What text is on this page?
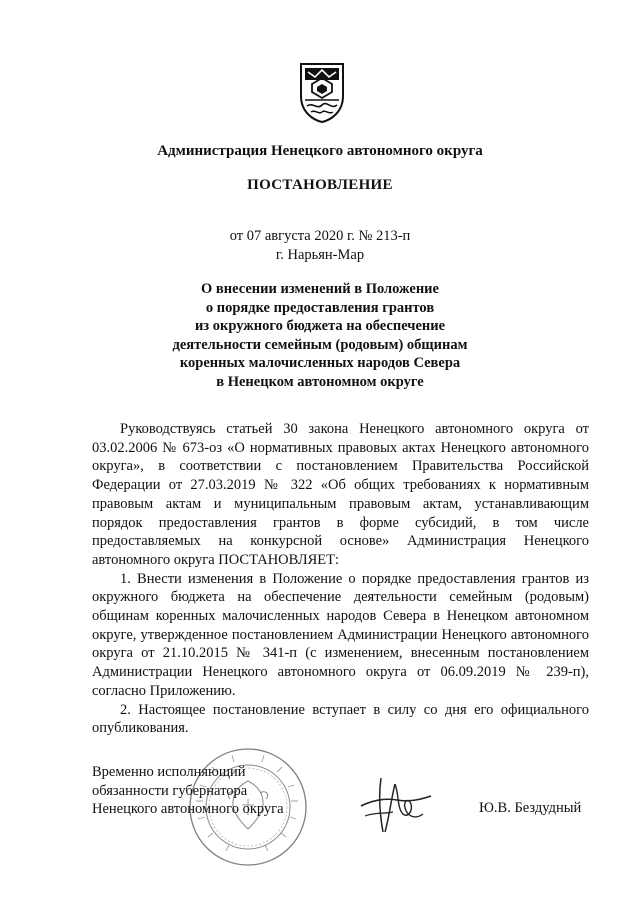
Администрация Ненецкого автономного округа
ПОСТАНОВЛЕНИЕ
от 07 августа 2020 г. № 213-п
г. Нарьян-Мар
О внесении изменений в Положение
о порядке предоставления грантов
из окружного бюджета на обеспечение
деятельности семейным (родовым) общинам
коренных малочисленных народов Севера
в Ненецком автономном округе

Руководствуясь статьей 30 закона Ненецкого автономного округа от 03.02.2006 № 673-оз «О нормативных правовых актах Ненецкого автономного округа», в соответствии с постановлением Правительства Российской Федерации от 27.03.2019 № 322 «Об общих требованиях к нормативным правовым актам и муниципальным правовым актам, устанавливающим порядок предоставления грантов в форме субсидий, в том числе предоставляемых на конкурсной основе» Администрация Ненецкого автономного округа ПОСТАНОВЛЯЕТ:

1. Внести изменения в Положение о порядке предоставления грантов из окружного бюджета на обеспечение деятельности семейным (родовым) общинам коренных малочисленных народов Севера в Ненецком автономном округе, утвержденное постановлением Администрации Ненецкого автономного округа от 21.10.2015 № 341-п (с изменением, внесенным постановлением Администрации Ненецкого автономного округа от 06.09.2019 № 239-п), согласно Приложению.

2. Настоящее постановление вступает в силу со дня его официального опубликования.

Временно исполняющий
обязанности губернатора
Ненецкого автономного округа	Ю.В. Бездудный
